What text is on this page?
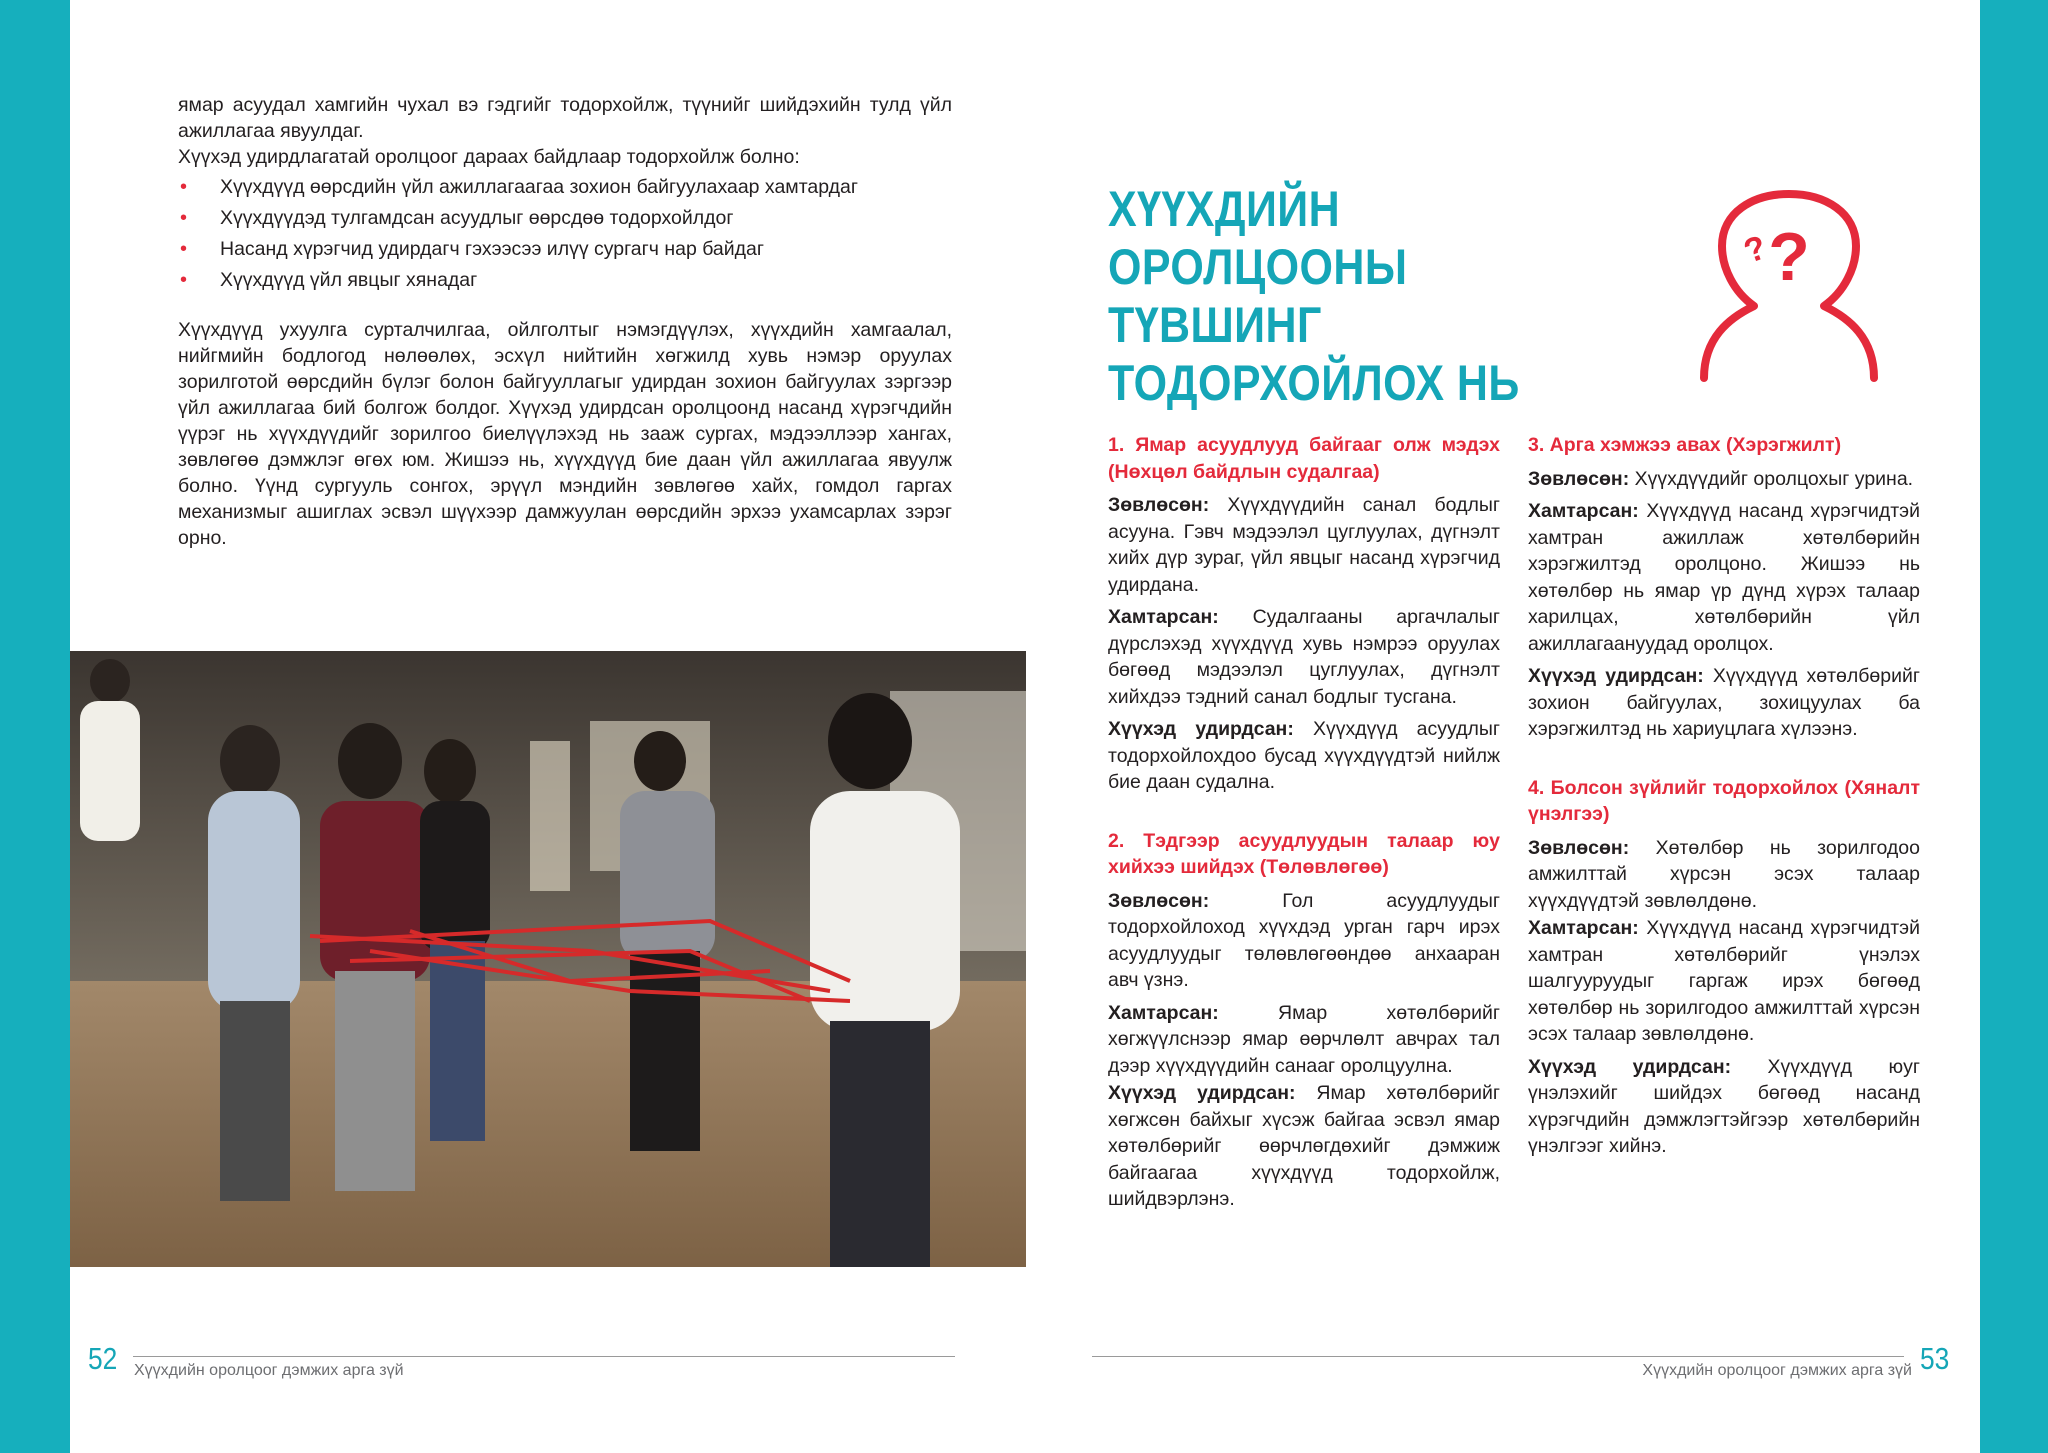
ямар асуудал хамгийн чухал вэ гэдгийг тодорхойлж, түүнийг шийдэхийн тулд үйл ажиллагаа явуулдаг.

Хүүхэд удирдлагатай оролцоог дараах байдлаар тодорхойлж болно:

• Хүүхдүүд өөрсдийн үйл ажиллагаагаа зохион байгуулахаар хамтардаг
• Хүүхдүүдэд тулгамдсан асуудлыг өөрсдөө тодорхойлдог
• Насанд хүрэгчид удирдагч гэхээсээ илүү сургагч нар байдаг
• Хүүхдүүд үйл явцыг хянадаг

Хүүхдүүд ухуулга сурталчилгаа, ойлголтыг нэмэгдүүлэх, хүүхдийн хамгаалал, нийгмийн бодлогод нөлөөлөх, эсхүл нийтийн хөгжилд хувь нэмэр оруулах зорилготой өөрсдийн бүлэг болон байгууллагыг удирдан зохион байгуулах зэргээр үйл ажиллагаа бий болгож болдог. Хүүхэд удирдсан оролцоонд насанд хүрэгчдийн үүрэг нь хүүхдүүдийг зорилгоо биелүүлэхэд нь зааж сургах, мэдээллээр хангах, зөвлөгөө дэмжлэг өгөх юм. Жишээ нь, хүүхдүүд бие даан үйл ажиллагаа явуулж болно. Үүнд сургууль сонгох, эрүүл мэндийн зөвлөгөө хайх, гомдол гаргах механизмыг ашиглах эсвэл шүүхээр дамжуулан өөрсдийн эрхээ ухамсарлах зэрэг орно.

ХҮҮХДИЙН
ОРОЛЦООНЫ ТҮВШИНГ
ТОДОРХОЙЛОХ НЬ
?
?
1. Ямар асуудлууд байгааг олж мэдэх (Нөхцөл байдлын судалгаа)

Зөвлөсөн: Хүүхдүүдийн санал бодлыг асууна. Гэвч мэдээлэл цуглуулах, дүгнэлт хийх дүр зураг, үйл явцыг насанд хүрэгчид удирдана.

Хамтарсан: Судалгааны аргачлалыг дүрслэхэд хүүхдүүд хувь нэмрээ оруулах бөгөөд мэдээлэл цуглуулах, дүгнэлт хийхдээ тэдний санал бодлыг тусгана.

Хүүхэд удирдсан: Хүүхдүүд асуудлыг тодорхойлохдоо бусад хүүхдүүдтэй нийлж бие даан судална.

2. Тэдгээр асуудлуудын талаар юу хийхээ шийдэх (Төлөвлөгөө)

Зөвлөсөн: Гол асуудлуудыг тодорхойлоход хүүхдэд урган гарч ирэх асуудлуудыг төлөвлөгөөндөө анхааран авч үзнэ.

Хамтарсан: Ямар хөтөлбөрийг хөгжүүлснээр ямар өөрчлөлт авчрах тал дээр хүүхдүүдийн санааг оролцуулна.

Хүүхэд удирдсан: Ямар хөтөлбөрийг хөгжсөн байхыг хүсэж байгаа эсвэл ямар хөтөлбөрийг өөрчлөгдөхийг дэмжиж байгаагаа хүүхдүүд тодорхойлж, шийдвэрлэнэ.

3. Арга хэмжээ авах (Хэрэгжилт)

Зөвлөсөн: Хүүхдүүдийг оролцохыг урина.

Хамтарсан: Хүүхдүүд насанд хүрэгчидтэй хамтран ажиллаж хөтөлбөрийн хэрэгжилтэд оролцоно. Жишээ нь хөтөлбөр нь ямар үр дүнд хүрэх талаар харилцах, хөтөлбөрийн үйл ажиллагаануудад оролцох.

Хүүхэд удирдсан: Хүүхдүүд хөтөлбөрийг зохион байгуулах, зохицуулах ба хэрэгжилтэд нь хариуцлага хүлээнэ.

4. Болсон зүйлийг тодорхойлох (Хяналт үнэлгээ)

Зөвлөсөн: Хөтөлбөр нь зорилгодоо амжилттай хүрсэн эсэх талаар хүүхдүүдтэй зөвлөлдөнө.

Хамтарсан: Хүүхдүүд насанд хүрэгчидтэй хамтран хөтөлбөрийг үнэлэх шалгууруудыг гаргаж ирэх бөгөөд хөтөлбөр нь зорилгодоо амжилттай хүрсэн эсэх талаар зөвлөлдөнө.

Хүүхэд удирдсан: Хүүхдүүд юуг үнэлэхийг шийдэх бөгөөд насанд хүрэгчдийн дэмжлэгтэйгээр хөтөлбөрийн үнэлгээг хийнэ.

52 Хүүхдийн оролцоог дэмжих арга зүй	Хүүхдийн оролцоог дэмжих арга зүй 53
